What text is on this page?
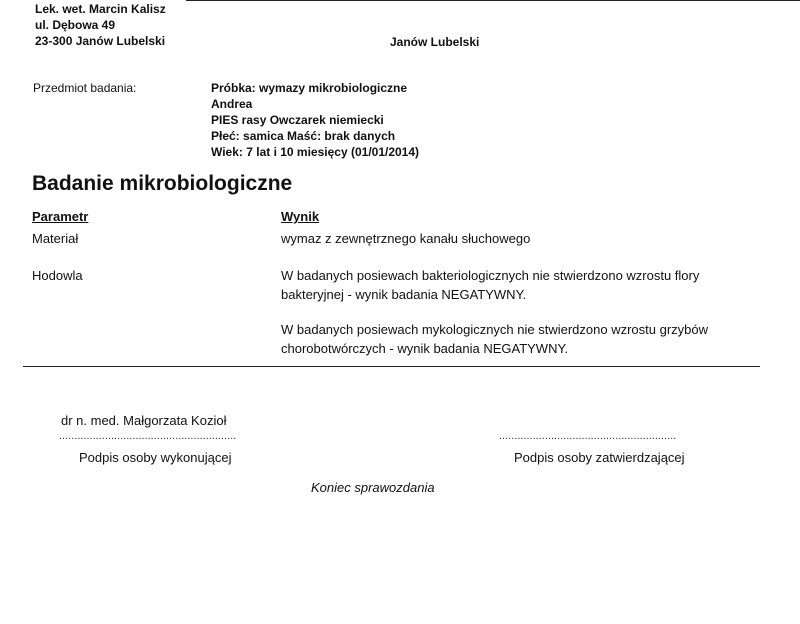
Lek. wet. Marcin Kalisz
ul. Dębowa 49
23-300 Janów Lubelski	Janów Lubelski
Przedmiot badania:	Próbka: wymazy mikrobiologiczne
Andrea
PIES rasy Owczarek niemiecki
Płeć: samica Maść: brak danych
Wiek: 7 lat i 10 miesięcy (01/01/2014)
Badanie mikrobiologiczne
Parametr	Wynik
Materiał	wymaz z zewnętrznego kanału słuchowego
Hodowla	W badanych posiewach bakteriologicznych nie stwierdzono wzrostu flory bakteryjnej - wynik badania NEGATYWNY.
W badanych posiewach mykologicznych nie stwierdzono wzrostu grzybów chorobotwórczych - wynik badania NEGATYWNY.
dr n. med. Małgorzata Kozioł
..........................................................	..........................................................
Podpis osoby wykonującej	Podpis osoby zatwierdzającej
Koniec sprawozdania
